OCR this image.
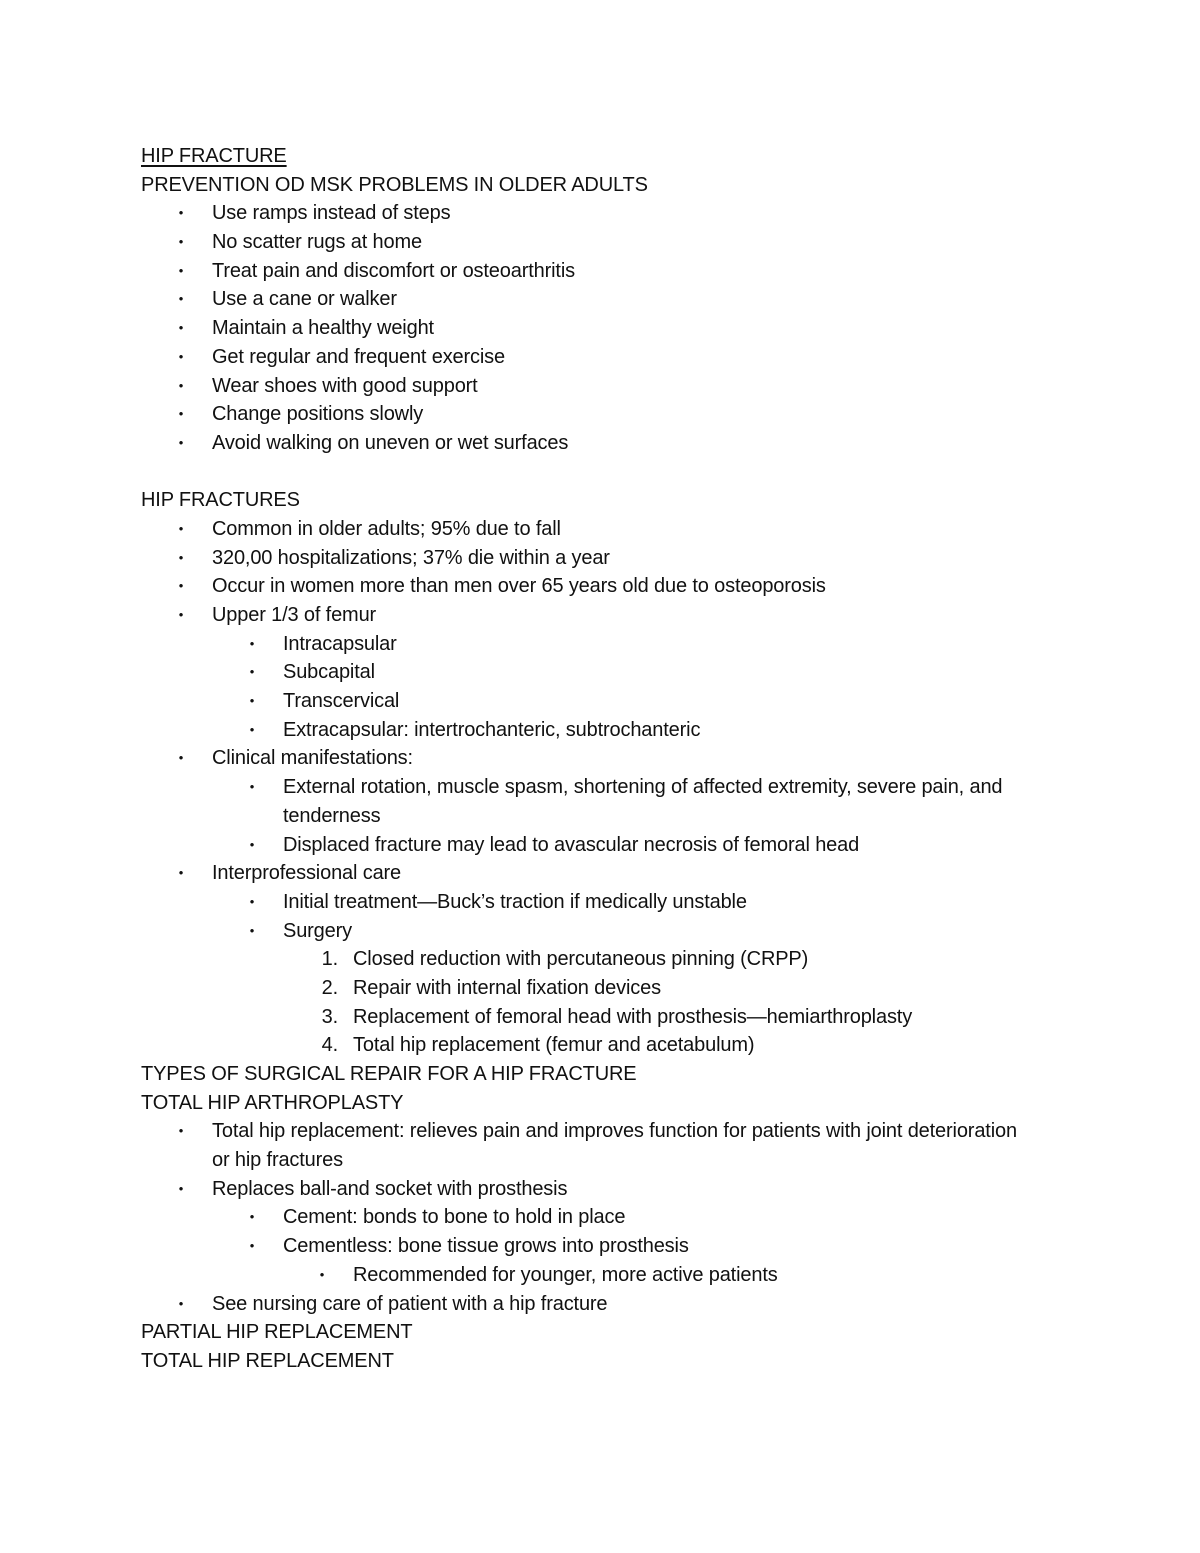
HIP FRACTURE
PREVENTION OD MSK PROBLEMS IN OLDER ADULTS
•	Use ramps instead of steps
•	No scatter rugs at home
•	Treat pain and discomfort or osteoarthritis
•	Use a cane or walker
•	Maintain a healthy weight
•	Get regular and frequent exercise
•	Wear shoes with good support
•	Change positions slowly
•	Avoid walking on uneven or wet surfaces
HIP FRACTURES
•	Common in older adults; 95% due to fall
•	320,00 hospitalizations; 37% die within a year
•	Occur in women more than men over 65 years old due to osteoporosis
•	Upper 1/3 of femur
•	Intracapsular
•	Subcapital
•	Transcervical
•	Extracapsular: intertrochanteric, subtrochanteric
•	Clinical manifestations:
•	External rotation, muscle spasm, shortening of affected extremity, severe pain, and tenderness
•	Displaced fracture may lead to avascular necrosis of femoral head
•	Interprofessional care
•	Initial treatment—Buck’s traction if medically unstable
•	Surgery
1. Closed reduction with percutaneous pinning (CRPP)
2. Repair with internal fixation devices
3. Replacement of femoral head with prosthesis—hemiarthroplasty
4. Total hip replacement (femur and acetabulum)
TYPES OF SURGICAL REPAIR FOR A HIP FRACTURE
TOTAL HIP ARTHROPLASTY
•	Total hip replacement: relieves pain and improves function for patients with joint deterioration or hip fractures
•	Replaces ball-and socket with prosthesis
•	Cement: bonds to bone to hold in place
•	Cementless: bone tissue grows into prosthesis
•	Recommended for younger, more active patients
•	See nursing care of patient with a hip fracture
PARTIAL HIP REPLACEMENT
TOTAL HIP REPLACEMENT
